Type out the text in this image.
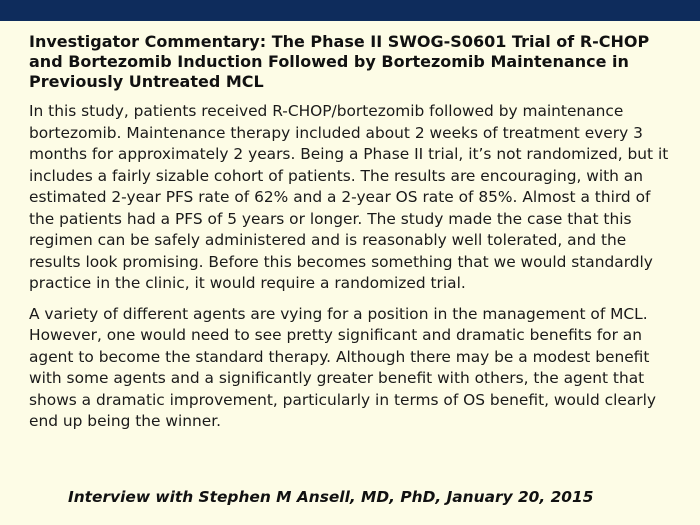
Investigator Commentary: The Phase II SWOG-S0601 Trial of R-CHOP and Bortezomib Induction Followed by Bortezomib Maintenance in Previously Untreated MCL

In this study, patients received R-CHOP/bortezomib followed by maintenance bortezomib. Maintenance therapy included about 2 weeks of treatment every 3 months for approximately 2 years. Being a Phase II trial, it’s not randomized, but it includes a fairly sizable cohort of patients. The results are encouraging, with an estimated 2-year PFS rate of 62% and a 2-year OS rate of 85%. Almost a third of the patients had a PFS of 5 years or longer. The study made the case that this regimen can be safely administered and is reasonably well tolerated, and the results look promising. Before this becomes something that we would standardly practice in the clinic, it would require a randomized trial.

A variety of different agents are vying for a position in the management of MCL. However, one would need to see pretty significant and dramatic benefits for an agent to become the standard therapy. Although there may be a modest benefit with some agents and a significantly greater benefit with others, the agent that shows a dramatic improvement, particularly in terms of OS benefit, would clearly end up being the winner.

Interview with Stephen M Ansell, MD, PhD, January 20, 2015
